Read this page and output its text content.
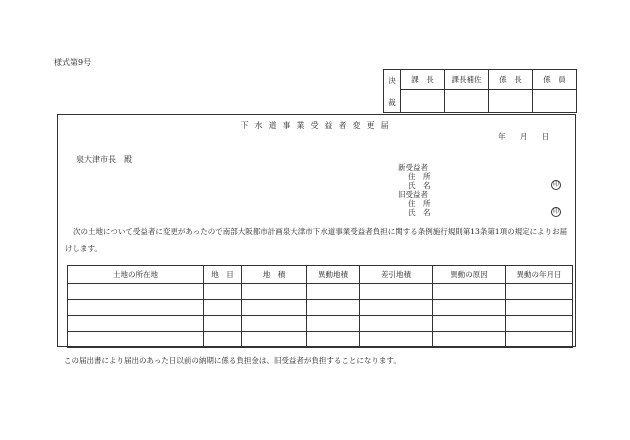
様式第9号
決

裁	課　長	課長補佐	係　長	係　員

下水道事業受益者変更届
年 月 日
泉大津市長　殿
新受益者
住　所
氏　名	印
旧受益者
住　所
氏　名	印
次の土地について受益者に変更があったので南部大阪都市計画泉大津市下水道事業受益者負担に関する条例施行規則第13条第1項の規定によりお届けします。
土地の所在地	地　目	地　積	異動地積	差引地積	異動の原因	異動の年月日

この届出書により届出のあった日以前の納期に係る負担金は、旧受益者が負担することになります。
